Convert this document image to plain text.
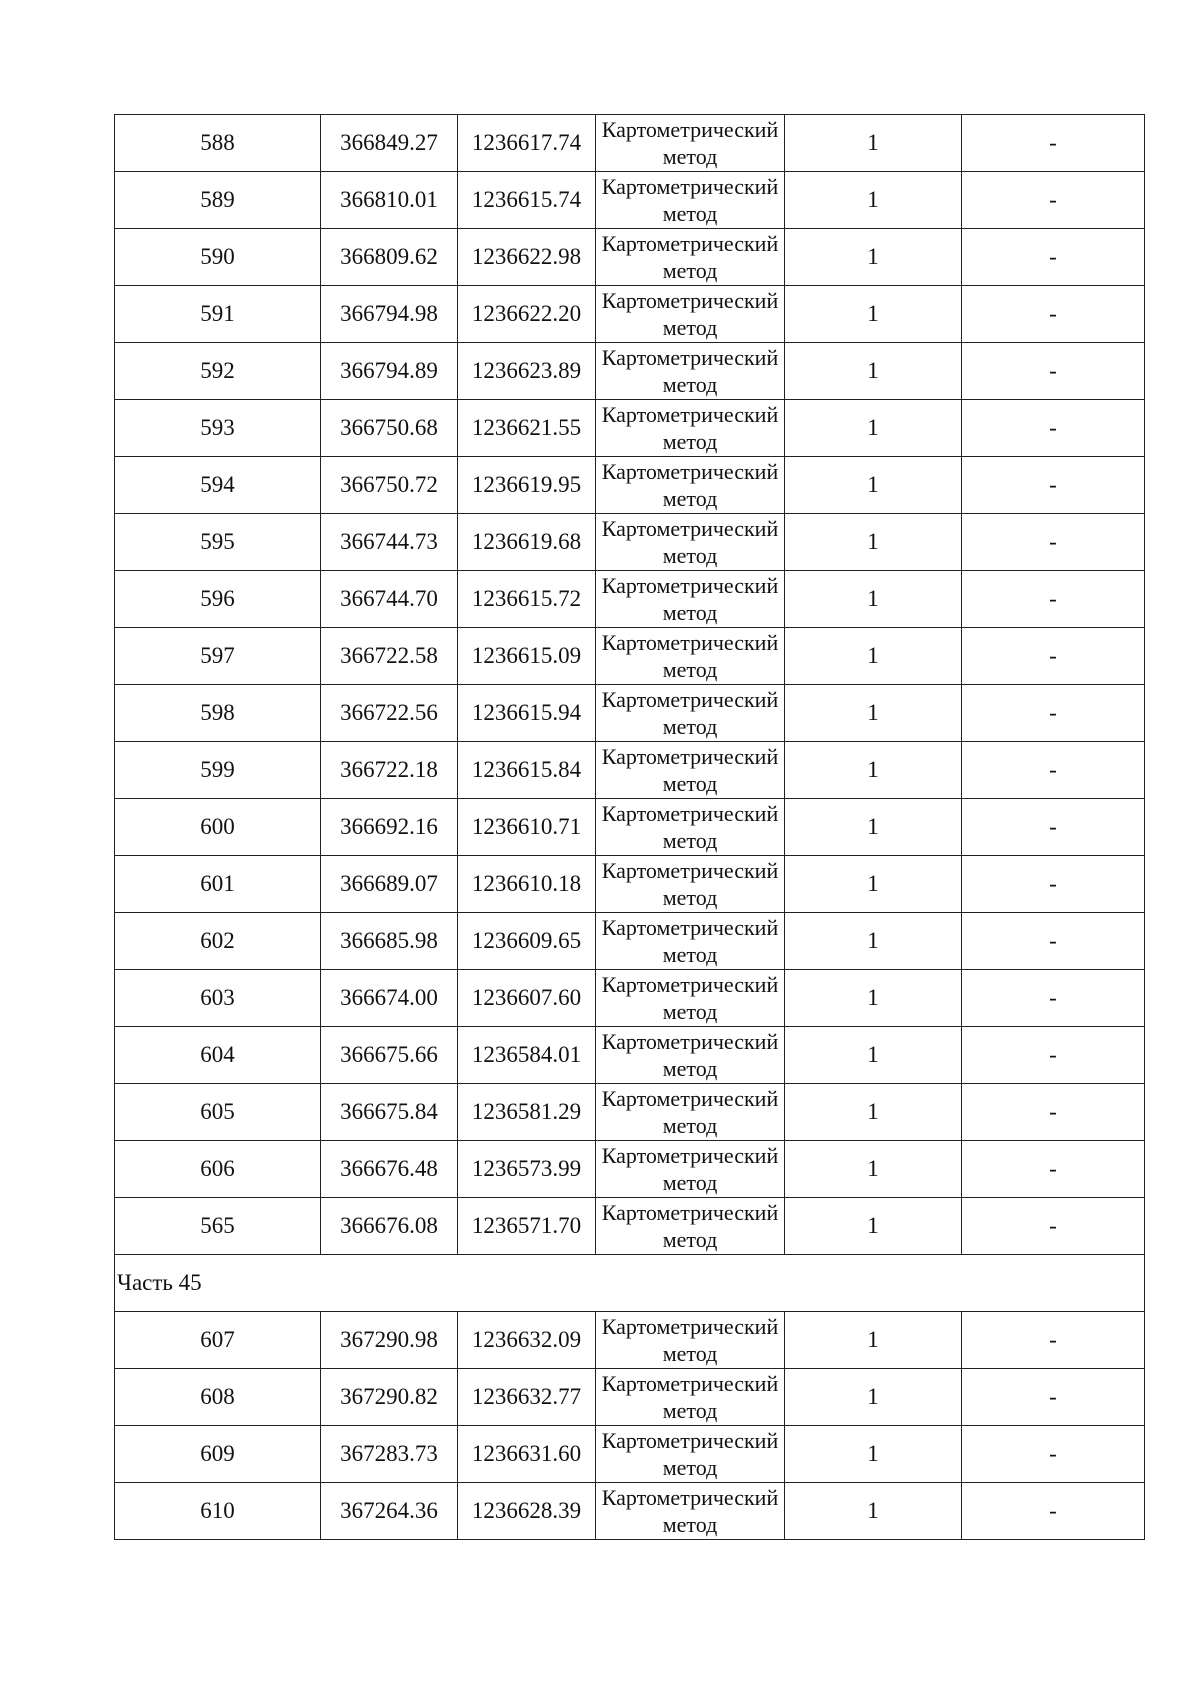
588	366849.27	1236617.74	Картометрический метод	1	-
589	366810.01	1236615.74	Картометрический метод	1	-
590	366809.62	1236622.98	Картометрический метод	1	-
591	366794.98	1236622.20	Картометрический метод	1	-
592	366794.89	1236623.89	Картометрический метод	1	-
593	366750.68	1236621.55	Картометрический метод	1	-
594	366750.72	1236619.95	Картометрический метод	1	-
595	366744.73	1236619.68	Картометрический метод	1	-
596	366744.70	1236615.72	Картометрический метод	1	-
597	366722.58	1236615.09	Картометрический метод	1	-
598	366722.56	1236615.94	Картометрический метод	1	-
599	366722.18	1236615.84	Картометрический метод	1	-
600	366692.16	1236610.71	Картометрический метод	1	-
601	366689.07	1236610.18	Картометрический метод	1	-
602	366685.98	1236609.65	Картометрический метод	1	-
603	366674.00	1236607.60	Картометрический метод	1	-
604	366675.66	1236584.01	Картометрический метод	1	-
605	366675.84	1236581.29	Картометрический метод	1	-
606	366676.48	1236573.99	Картометрический метод	1	-
565	366676.08	1236571.70	Картометрический метод	1	-
Часть 45					
607	367290.98	1236632.09	Картометрический метод	1	-
608	367290.82	1236632.77	Картометрический метод	1	-
609	367283.73	1236631.60	Картометрический метод	1	-
610	367264.36	1236628.39	Картометрический метод	1	-
